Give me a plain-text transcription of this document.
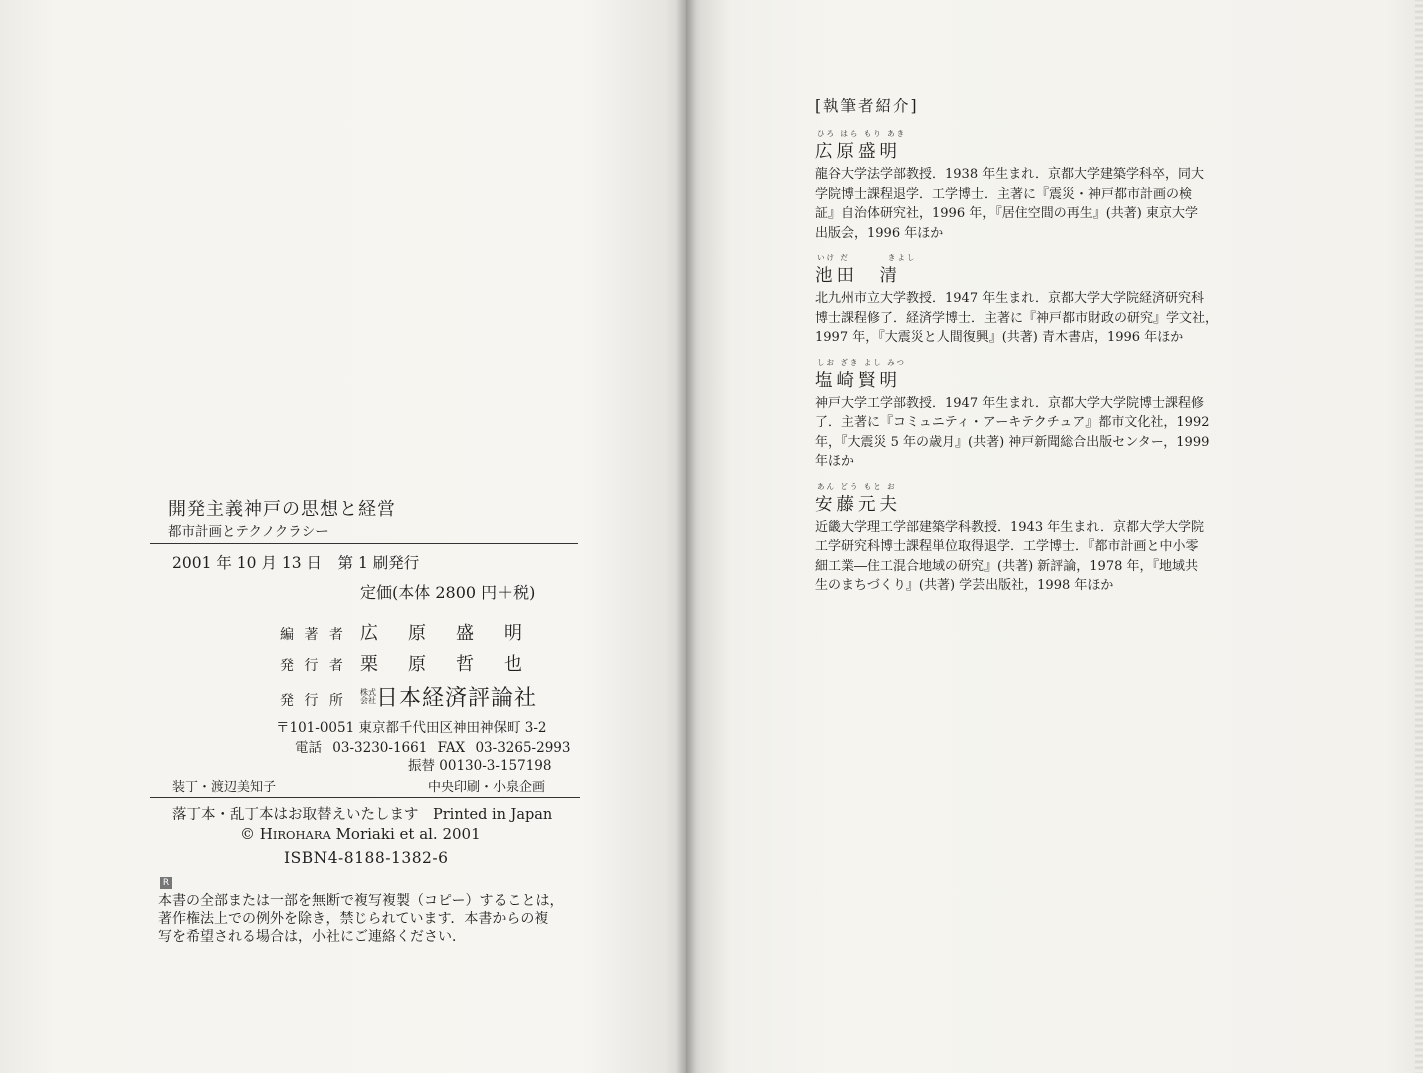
開発主義神戸の思想と経営
都市計画とテクノクラシー
2001 年 10 月 13 日　第 1 刷発行
定価(本体 2800 円＋税)
編 著 者 広原盛明
発 行 者 栗原哲也
発 行 所株式
会社日本経済評論社
〒101-0051 東京都千代田区神田神保町 3-2
電話 03-3230-1661 FAX 03-3265-2993
振替 00130-3-157198
装丁・渡辺美知子	中央印刷・小泉企画
落丁本・乱丁本はお取替えいたします　Printed in Japan
© HIROHARA Moriaki et al. 2001
ISBN4-8188-1382-6
R
本書の全部または一部を無断で複写複製（コピー）することは，
著作権法上での例外を除き，禁じられています．本書からの複
写を希望される場合は，小社にご連絡ください．
[執筆者紹介]
ひろ はら もり あき
広原盛明
龍谷大学法学部教授．1938 年生まれ．京都大学建築学科卒，同大
学院博士課程退学．工学博士．主著に『震災・神戸都市計画の検
証』自治体研究社，1996 年，『居住空間の再生』(共著) 東京大学
出版会，1996 年ほか
いけ だ　　　　きよし
池田　清
北九州市立大学教授．1947 年生まれ．京都大学大学院経済研究科
博士課程修了．経済学博士．主著に『神戸都市財政の研究』学文社，
1997 年，『大震災と人間復興』(共著) 青木書店，1996 年ほか
しお ざき よし みつ
塩崎賢明
神戸大学工学部教授．1947 年生まれ．京都大学大学院博士課程修
了．主著に『コミュニティ・アーキテクチュア』都市文化社，1992
年，『大震災 5 年の歳月』(共著) 神戸新聞総合出版センター，1999
年ほか
あん どう もと お
安藤元夫
近畿大学理工学部建築学科教授．1943 年生まれ．京都大学大学院
工学研究科博士課程単位取得退学．工学博士．『都市計画と中小零
細工業―住工混合地域の研究』(共著) 新評論，1978 年，『地域共
生のまちづくり』(共著) 学芸出版社，1998 年ほか
